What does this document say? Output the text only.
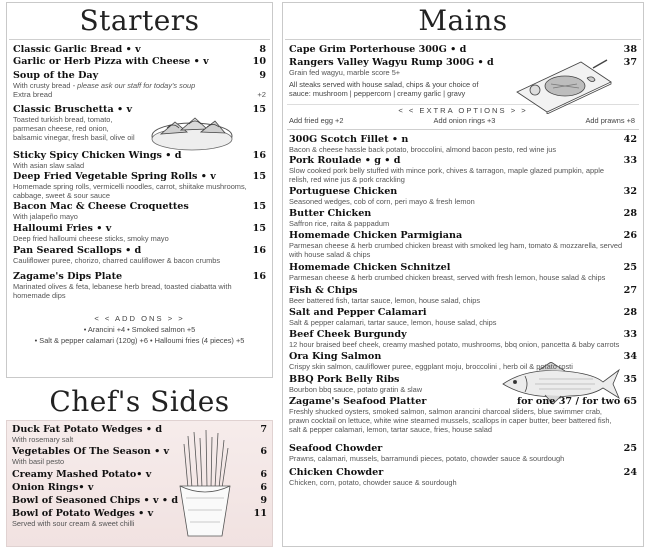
Starters
Classic Garlic Bread • v	8
Garlic or Herb Pizza with Cheese • v	10
Soup of the Day	9
With crusty bread - please ask our staff for today's soup
Extra bread	+2
Classic Bruschetta • v	15
Toasted turkish bread, tomato, parmesan cheese, red onion, balsamic vinegar, fresh basil, olive oil
Sticky Spicy Chicken Wings • d	16
With asian slaw salad
Deep Fried Vegetable Spring Rolls • v	15
Homemade spring rolls, vermicelli noodles, carrot, shiitake mushrooms, cabbage, sweet & sour sauce
Bacon Mac & Cheese Croquettes	15
With jalapeño mayo
Halloumi Fries • v	15
Deep fried halloumi cheese sticks, smoky mayo
Pan Seared Scallops • d	16
Cauliflower puree, chorizo, charred cauliflower & bacon crumbs
Zagame's Dips Plate	16
Marinated olives & feta, lebanese herb bread, toasted ciabatta with homemade dips
< < ADD ONS > >
• Arancini +4 • Smoked salmon +5
• Salt & pepper calamari (120g) +6 • Halloumi fries (4 pieces) +5
Chef's Sides
Duck Fat Potato Wedges • d	7
With rosemary salt
Vegetables Of The Season • v	6
With basil pesto
Creamy Mashed Potato• v	6
Onion Rings• v	6
Bowl of Seasoned Chips • v • d	9
Bowl of Potato Wedges • v	11
Served with sour cream & sweet chilli
Mains
Cape Grim Porterhouse 300G • d	38
Rangers Valley Wagyu Rump 300G • d	37
Grain fed wagyu, marble score 5+
All steaks served with house salad, chips & your choice of sauce: mushroom | peppercorn | creamy garlic | gravy
< < EXTRA OPTIONS > >
Add fried egg +2	Add onion rings +3	Add prawns +8
300G Scotch Fillet • n	42
Bacon & cheese hassle back potato, broccolini, almond bacon pesto, red wine jus
Pork Roulade • g • d	33
Slow cooked pork belly stuffed with mince pork, chives & tarragon, maple glazed pumpkin, apple relish, red wine jus & pork crackling
Portuguese Chicken	32
Seasoned wedges, cob of corn, peri mayo & fresh lemon
Butter Chicken	28
Saffron rice, raita & pappadum
Homemade Chicken Parmigiana	26
Parmesan cheese & herb crumbed chicken breast with smoked leg ham, tomato & mozzarella, served with house salad & chips
Homemade Chicken Schnitzel	25
Parmesan cheese & herb crumbed chicken breast, served with fresh lemon, house salad & chips
Fish & Chips	27
Beer battered fish, tartar sauce, lemon, house salad, chips
Salt and Pepper Calamari	28
Salt & pepper calamari, tartar sauce, lemon, house salad, chips
Beef Cheek Burgundy	33
12 hour braised beef cheek, creamy mashed potato, mushrooms, bbq onion, pancetta & baby carrots
Ora King Salmon	34
Crispy skin salmon, cauliflower puree, eggplant moju, broccolini , herb oil & potato rosti
BBQ Pork Belly Ribs	35
Bourbon bbq sauce, potato gratin & slaw
Zagame's Seafood Platter	for one 37 / for two 65
Freshly shucked oysters, smoked salmon, salmon arancini charcoal sliders, blue swimmer crab, prawn cocktail on lettuce, white wine steamed mussels, scallops in caper butter, beer battered fish, salt & pepper calamari, lemon, tartar sauce, fries, house salad
Seafood Chowder	25
Prawns, calamari, mussels, barramundi pieces, potato, chowder sauce & sourdough
Chicken Chowder	24
Chicken, corn, potato, chowder sauce & sourdough
